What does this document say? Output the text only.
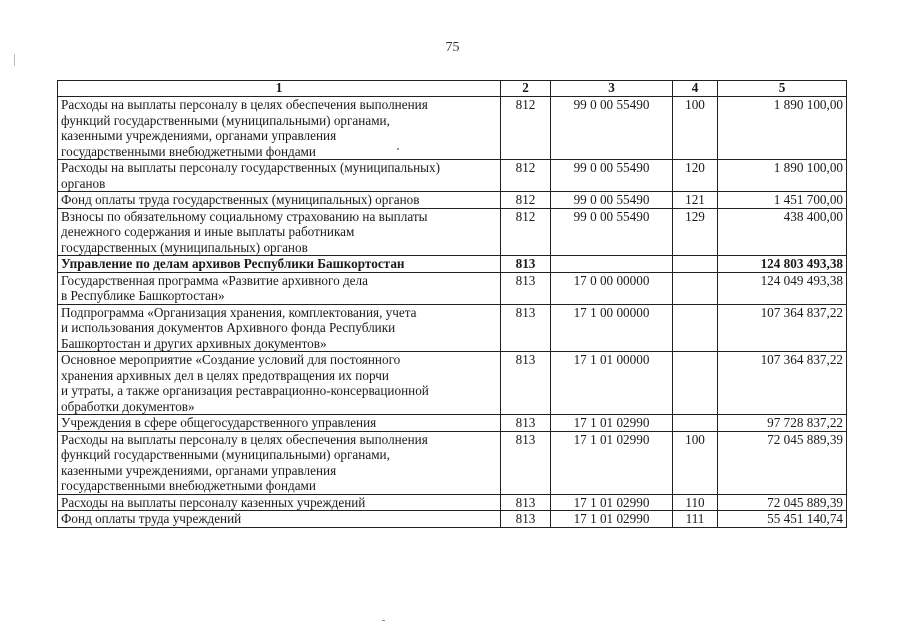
75
1	2	3	4	5

Расходы на выплаты персоналу в целях обеспечения выполнения
функций государственными (муниципальными) органами,
казенными учреждениями, органами управления
государственными внебюджетными фондами	812	99 0 00 55490	100	1 890 100,00

Расходы на выплаты персоналу государственных (муниципальных)
органов	812	99 0 00 55490	120	1 890 100,00

Фонд оплаты труда государственных (муниципальных) органов	812	99 0 00 55490	121	1 451 700,00

Взносы по обязательному социальному страхованию на выплаты
денежного содержания и иные выплаты работникам
государственных (муниципальных) органов	812	99 0 00 55490	129	438 400,00

Управление по делам архивов Республики Башкортостан	813			124 803 493,38

Государственная программа «Развитие архивного дела
в Республике Башкортостан»	813	17 0 00 00000		124 049 493,38

Подпрограмма «Организация хранения, комплектования, учета
и использования документов Архивного фонда Республики
Башкортостан и других архивных документов»	813	17 1 00 00000		107 364 837,22

Основное мероприятие «Создание условий для постоянного
хранения архивных дел в целях предотвращения их порчи
и утраты, а также организация реставрационно-консервационной
обработки документов»	813	17 1 01 00000		107 364 837,22

Учреждения в сфере общегосударственного управления	813	17 1 01 02990		97 728 837,22

Расходы на выплаты персоналу в целях обеспечения выполнения
функций государственными (муниципальными) органами,
казенными учреждениями, органами управления
государственными внебюджетными фондами	813	17 1 01 02990	100	72 045 889,39

Расходы на выплаты персоналу казенных учреждений	813	17 1 01 02990	110	72 045 889,39

Фонд оплаты труда учреждений	813	17 1 01 02990	111	55 451 140,74
